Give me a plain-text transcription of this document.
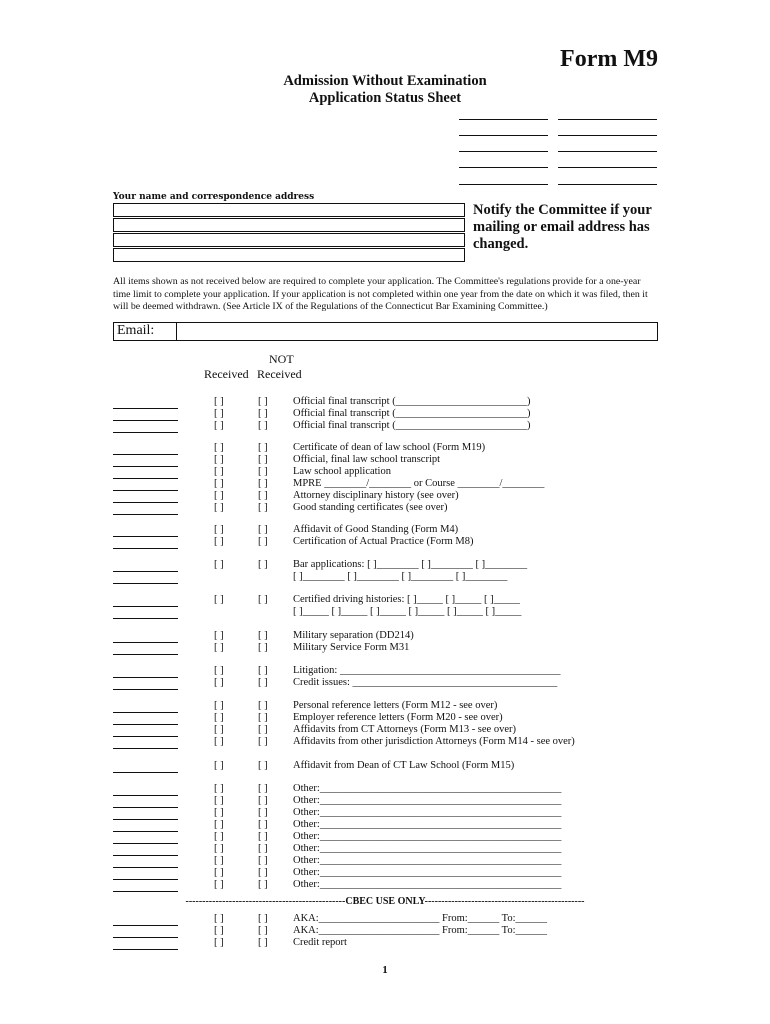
Form M9
Admission Without Examination
Application Status Sheet
Your name and correspondence address
Notify the Committee if your mailing or email address has changed.
All items shown as not received below are required to complete your application. The Committee's regulations provide for a one-year time limit to complete your application. If your application is not completed within one year from the date on which it was filed, then it will be deemed withdrawn. (See Article IX of the Regulations of the Connecticut Bar Examining Committee.)
Email:
NOT
Received Received
[ ]	[ ] Official final transcript (_________________________)
[ ]	[ ] Official final transcript (_________________________)
[ ]	[ ] Official final transcript (_________________________)
[ ]	[ ] Certificate of dean of law school (Form M19)
[ ]	[ ] Official, final law school transcript
[ ]	[ ] Law school application
[ ]	[ ] MPRE ________/________ or Course ________/________
[ ]	[ ] Attorney disciplinary history (see over)
[ ]	[ ] Good standing certificates (see over)
[ ]	[ ] Affidavit of Good Standing (Form M4)
[ ]	[ ] Certification of Actual Practice (Form M8)
[ ]	[ ] Bar applications: [ ]________ [ ]________ [ ]________
[ ]________ [ ]________ [ ]________ [ ]________
[ ]	[ ] Certified driving histories: [ ]_____ [ ]_____ [ ]_____
[ ]_____ [ ]_____ [ ]_____ [ ]_____ [ ]_____ [ ]_____
[ ]	[ ] Military separation (DD214)
[ ]	[ ] Military Service Form M31
[ ]	[ ] Litigation: __________________________________________
[ ]	[ ] Credit issues: _______________________________________
[ ]	[ ] Personal reference letters (Form M12 - see over)
[ ]	[ ] Employer reference letters (Form M20 - see over)
[ ]	[ ] Affidavits from CT Attorneys (Form M13 - see over)
[ ]	[ ] Affidavits from other jurisdiction Attorneys (Form M14 - see over)
[ ]	[ ] Affidavit from Dean of CT Law School (Form M15)
[ ]	[ ] Other:______________________________________________
[ ]	[ ] Other:______________________________________________
[ ]	[ ] Other:______________________________________________
[ ]	[ ] Other:______________________________________________
[ ]	[ ] Other:______________________________________________
[ ]	[ ] Other:______________________________________________
[ ]	[ ] Other:______________________________________________
[ ]	[ ] Other:______________________________________________
[ ]	[ ] Other:______________________________________________
[ ]	[ ] AKA:_______________________ From:______ To:______
[ ]	[ ] AKA:_______________________ From:______ To:______
[ ]	[ ] Credit report
------------------------------------------------CBEC USE ONLY------------------------------------------------
1
